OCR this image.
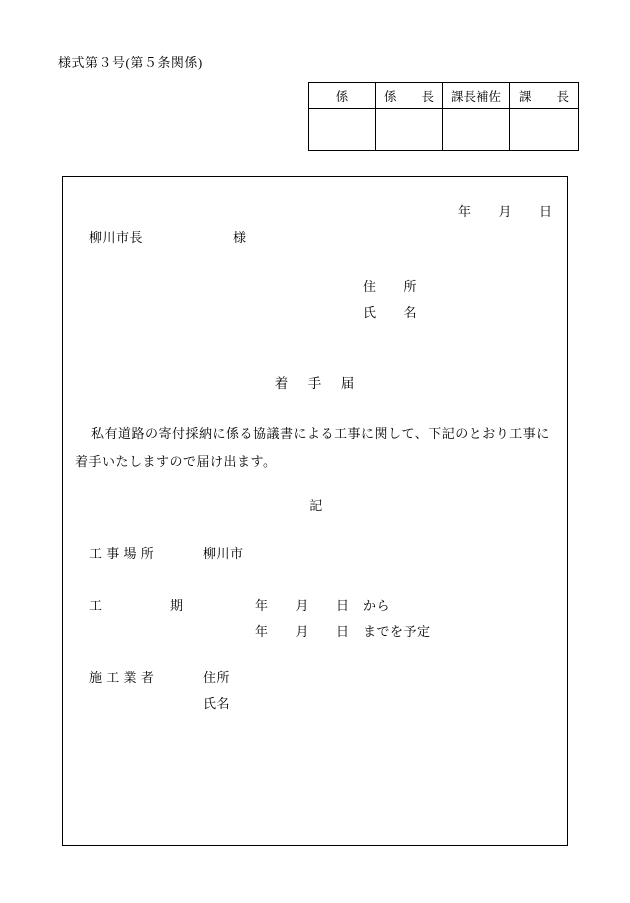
様式第３号(第５条関係)
係	係　　長	課長補佐	課　　長

年　　月　　日
柳川市長	様
住　　所
氏　　名
着　手　届
私有道路の寄付採納に係る協議書による工事に関して、下記のとおり工事に
着手いたしますので届け出ます。
記
工 事 場 所	柳川市
工　　　　　期	年　　月　　日　から
年　　月　　日　までを予定
施 工 業 者	住所
氏名
